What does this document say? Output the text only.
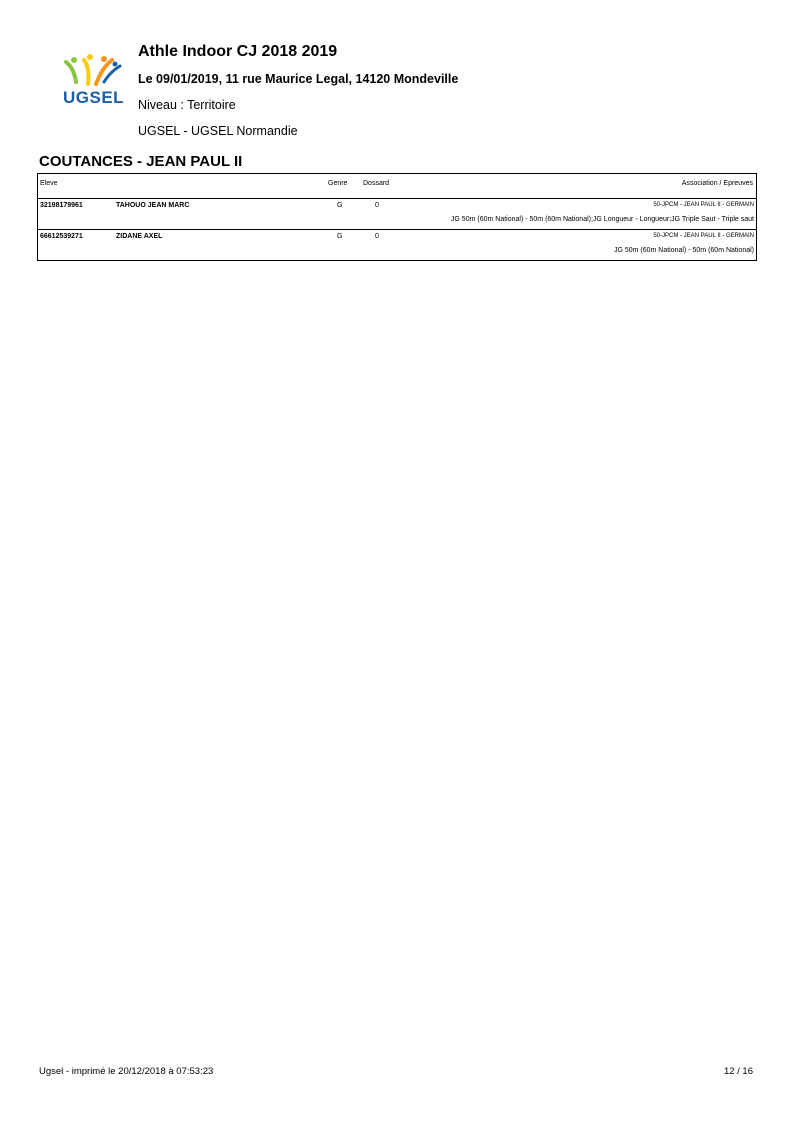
UGSEL
Athle Indoor CJ 2018 2019
Le 09/01/2019, 11 rue Maurice Legal, 14120 Mondeville
Niveau : Territoire
UGSEL - UGSEL Normandie
COUTANCES - JEAN PAUL II
Eleve	Genre Dossard	Association / Epreuves
32198179961	TAHOUO JEAN MARC	G	0	50-JPCM - JEAN PAUL II - GERMAIN
JG 50m (60m National) - 50m (60m National);JG Longueur - Longueur;JG Triple Saut - Triple saut
66612539271	ZIDANE AXEL	G	0	50-JPCM - JEAN PAUL II - GERMAIN
JG 50m (60m National) - 50m (60m National)
Ugsel - imprimé le 20/12/2018 à 07:53:23	12 / 16
